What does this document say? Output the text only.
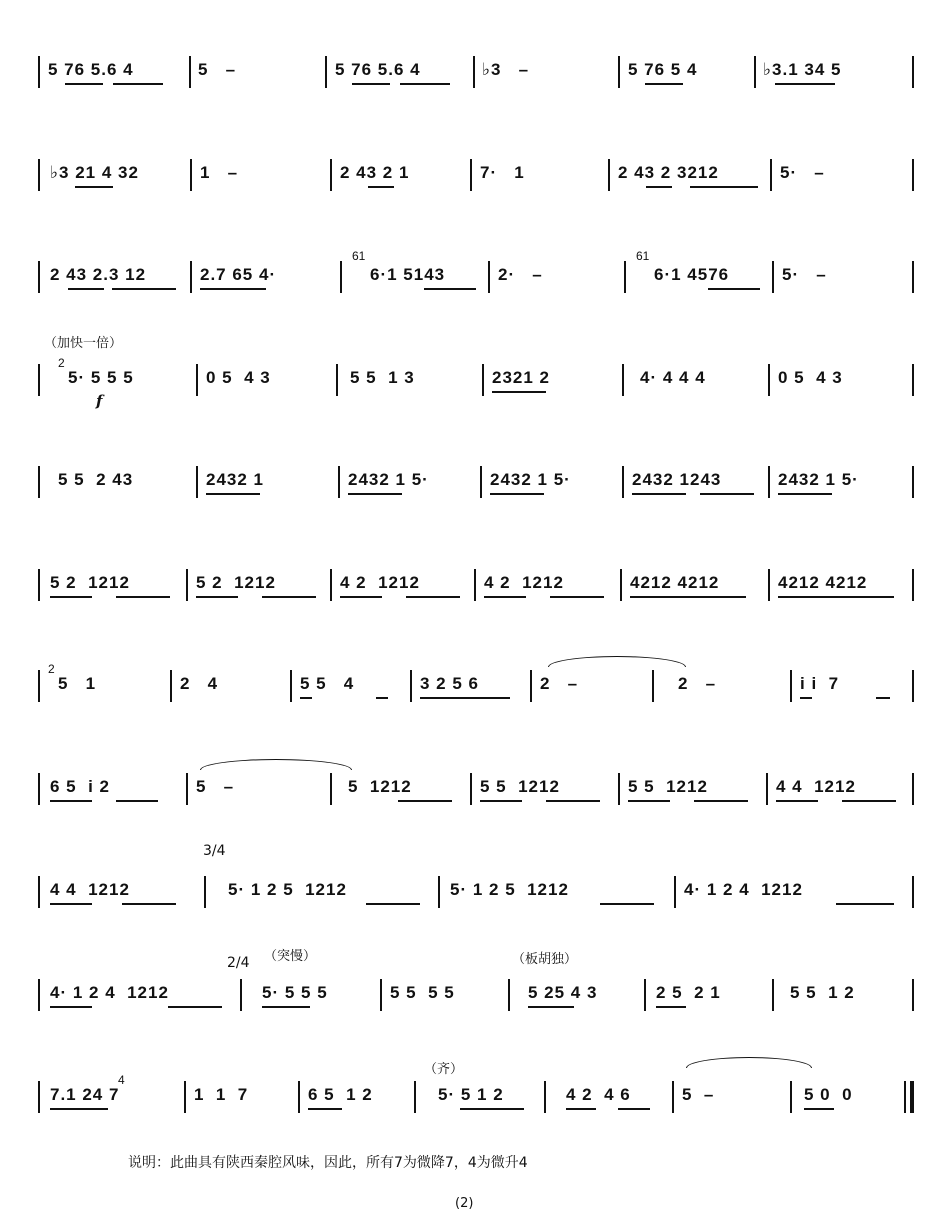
5 76 5.6 4	5   –	5 76 5.6 4	♭3   –	5 76 5 4	♭3.1 34 5
♭3 21 4 32	1   –	2 43 2 1	7·   1	2 43 2 3212	5·   –
2 43 2.3 12	2.7 65 4·
61
6·1 5143	2·   –
61
6·1 4576	5·   –
（加快一倍）
2
5· 5 5 5
f
0 5  4 3	5 5  1 3	2321 2	4· 4 4 4	0 5  4 3
5 5  2 43	2432 1	2432 1 5·	2432 1 5·	2432 1243	2432 1 5·
5 2  1212	5 2  1212	4 2  1212	4 2  1212	4212 4212	4212 4212
2
5   1	2   4	5 5   4	3 2 5 6	2   –	2   –	i i  7
6 5  i 2	5   –	5  1212	5 5  1212	5 5  1212	4 4  1212
3/4
4 4  1212	5· 1 2 5  1212	5· 1 2 5  1212	4· 1 2 4  1212
2/4 （突慢）	（板胡独）
4· 1 2 4  1212	5· 5 5 5	5 5  5 5	5 25 4 3	2 5  2 1	5 5  1 2
（齐）
7.1 24 7	1  1  7	6 5  1 2	5· 5 1 2	4 2  4 6	5  –	5 0  0
4
说明：此曲具有陕西秦腔风味，因此，所有7为微降7，4为微升4
(2)
